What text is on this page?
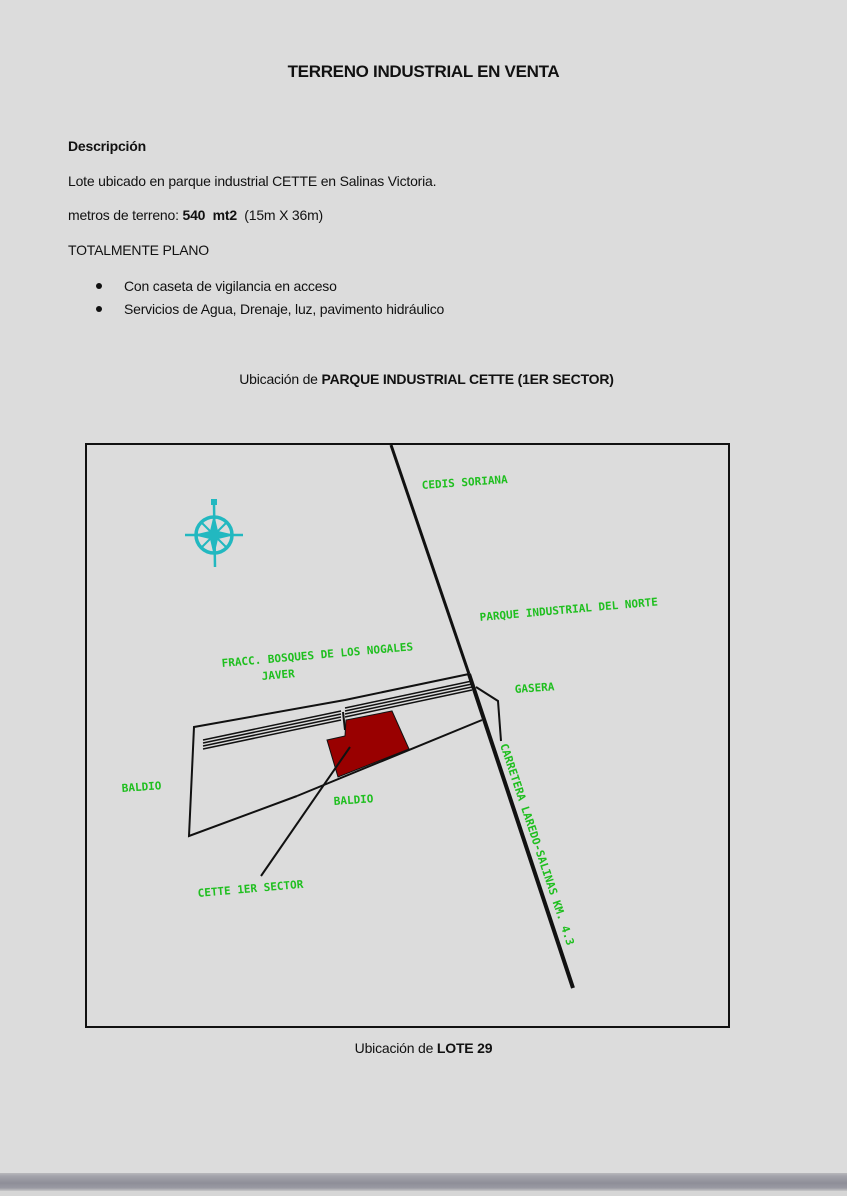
TERRENO INDUSTRIAL EN VENTA
Descripción
Lote ubicado en parque industrial CETTE en Salinas Victoria.
metros de terreno: 540  mt2  (15m X 36m)
TOTALMENTE PLANO
Con caseta de vigilancia en acceso
Servicios de Agua, Drenaje, luz, pavimento hidráulico
Ubicación de PARQUE INDUSTRIAL CETTE (1ER SECTOR)
CEDIS SORIANA
PARQUE INDUSTRIAL DEL NORTE
FRACC. BOSQUES DE LOS NOGALES
JAVER
GASERA
BALDIO
BALDIO
CETTE 1ER SECTOR	CARRETERA LAREDO-SALINAS KM. 4.3
Ubicación de LOTE 29
